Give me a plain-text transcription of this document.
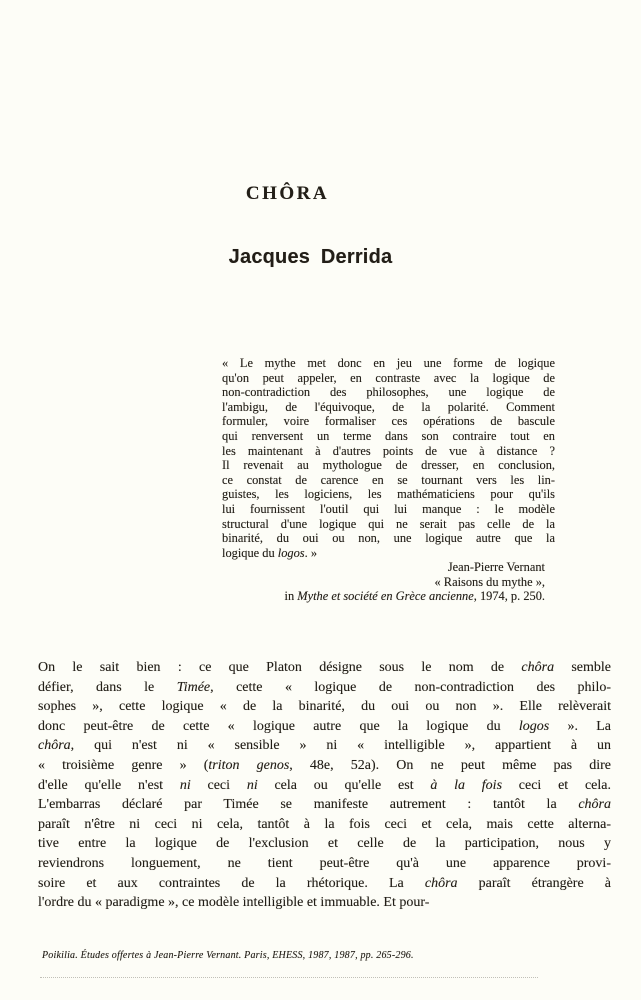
CHÔRA
Jacques Derrida
« Le mythe met donc en jeu une forme de logique
qu'on peut appeler, en contraste avec la logique de
non-contradiction des philosophes, une logique de
l'ambigu, de l'équivoque, de la polarité. Comment
formuler, voire formaliser ces opérations de bascule
qui renversent un terme dans son contraire tout en
les maintenant à d'autres points de vue à distance ?
Il revenait au mythologue de dresser, en conclusion,
ce constat de carence en se tournant vers les lin-
guistes, les logiciens, les mathématiciens pour qu'ils
lui fournissent l'outil qui lui manque : le modèle
structural d'une logique qui ne serait pas celle de la
binarité, du oui ou non, une logique autre que la
logique du logos. »
Jean-Pierre Vernant
« Raisons du mythe »,
in Mythe et société en Grèce ancienne, 1974, p. 250.
On le sait bien : ce que Platon désigne sous le nom de chôra semble
défier, dans le Timée, cette « logique de non-contradiction des philo-
sophes », cette logique « de la binarité, du oui ou non ». Elle relèverait
donc peut-être de cette « logique autre que la logique du logos ». La
chôra, qui n'est ni « sensible » ni « intelligible », appartient à un
« troisième genre » (triton genos, 48e, 52a). On ne peut même pas dire
d'elle qu'elle n'est ni ceci ni cela ou qu'elle est à la fois ceci et cela.
L'embarras déclaré par Timée se manifeste autrement : tantôt la chôra
paraît n'être ni ceci ni cela, tantôt à la fois ceci et cela, mais cette alterna-
tive entre la logique de l'exclusion et celle de la participation, nous y
reviendrons longuement, ne tient peut-être qu'à une apparence provi-
soire et aux contraintes de la rhétorique. La chôra paraît étrangère à
l'ordre du « paradigme », ce modèle intelligible et immuable. Et pour-
Poikilia. Études offertes à Jean-Pierre Vernant. Paris, EHESS, 1987, 1987, pp. 265-296.
